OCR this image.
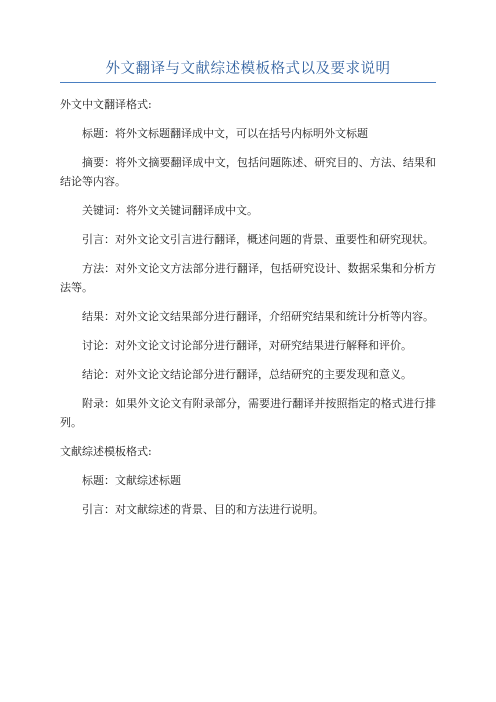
外文翻译与文献综述模板格式以及要求说明

外文中文翻译格式:

标题：将外文标题翻译成中文，可以在括号内标明外文标题

摘要：将外文摘要翻译成中文，包括问题陈述、研究目的、方法、结果和结论等内容。

关键词：将外文关键词翻译成中文。

引言：对外文论文引言进行翻译，概述问题的背景、重要性和研究现状。

方法：对外文论文方法部分进行翻译，包括研究设计、数据采集和分析方法等。

结果：对外文论文结果部分进行翻译，介绍研究结果和统计分析等内容。

讨论：对外文论文讨论部分进行翻译，对研究结果进行解释和评价。

结论：对外文论文结论部分进行翻译，总结研究的主要发现和意义。

附录：如果外文论文有附录部分，需要进行翻译并按照指定的格式进行排列。

文献综述模板格式:

标题：文献综述标题

引言：对文献综述的背景、目的和方法进行说明。
